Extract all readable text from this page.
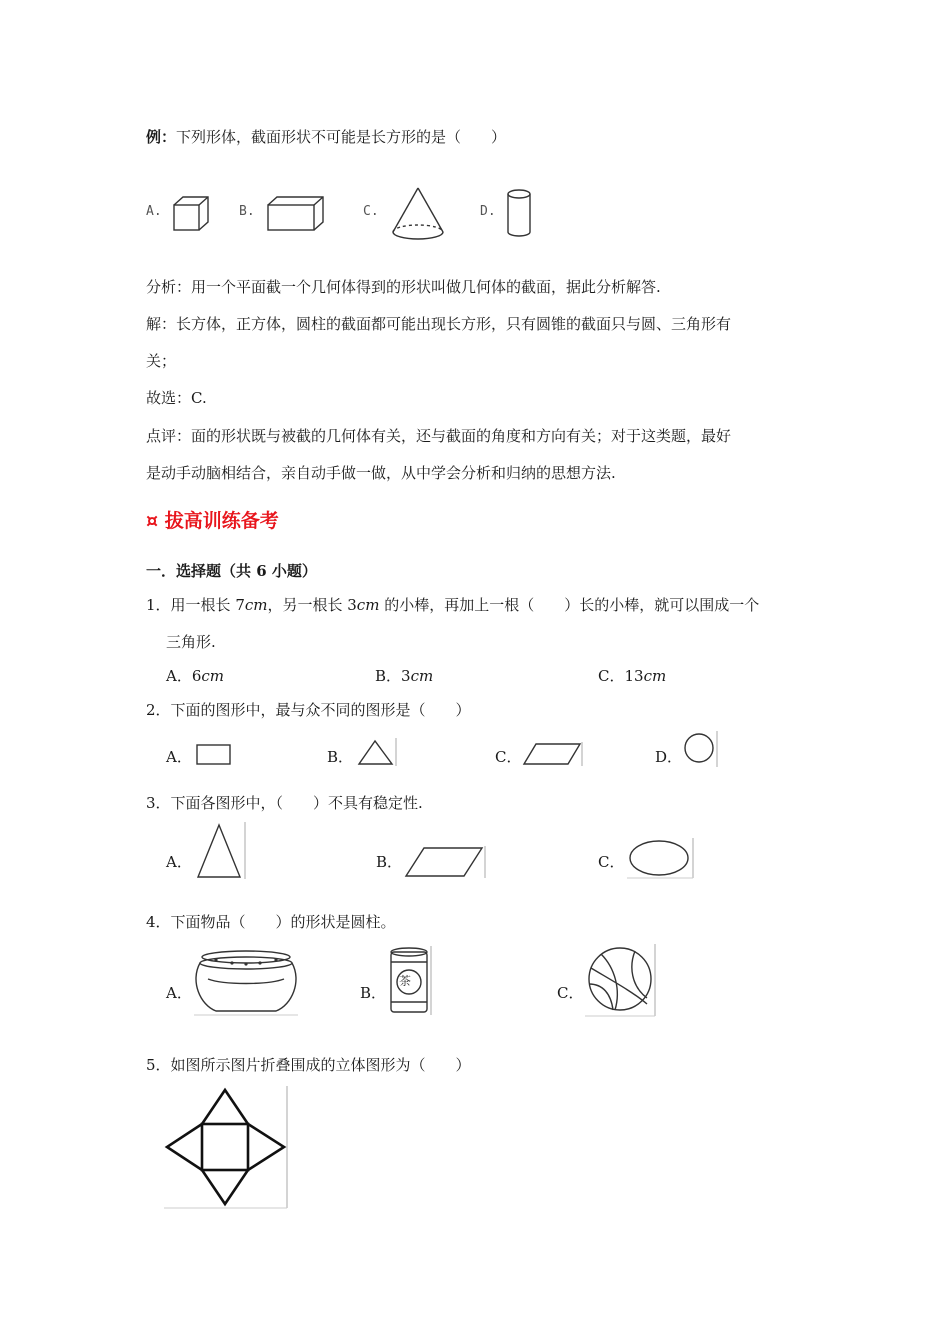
例：下列形体，截面形状不可能是长方形的是（　　）
A.	B.	C.	D.
分析：用一个平面截一个几何体得到的形状叫做几何体的截面，据此分析解答.
解：长方体，正方体，圆柱的截面都可能出现长方形，只有圆锥的截面只与圆、三角形有
关；
故选：C.
点评：面的形状既与被截的几何体有关，还与截面的角度和方向有关；对于这类题，最好
是动手动脑相结合，亲自动手做一做，从中学会分析和归纳的思想方法.
¤ 拔高训练备考
一．选择题（共 6 小题）
1．用一根长 7cm，另一根长 3cm 的小棒，再加上一根（　　）长的小棒，就可以围成一个
三角形.
A．6cm	B．3cm	C．13cm
2．下面的图形中，最与众不同的图形是（　　）
A．	B．	C．	D．
3．下面各图形中，（　　）不具有稳定性.
A．	B．	C．
4．下面物品（　　）的形状是圆柱。
A．	B．
茶
C．
5．如图所示图片折叠围成的立体图形为（　　）
